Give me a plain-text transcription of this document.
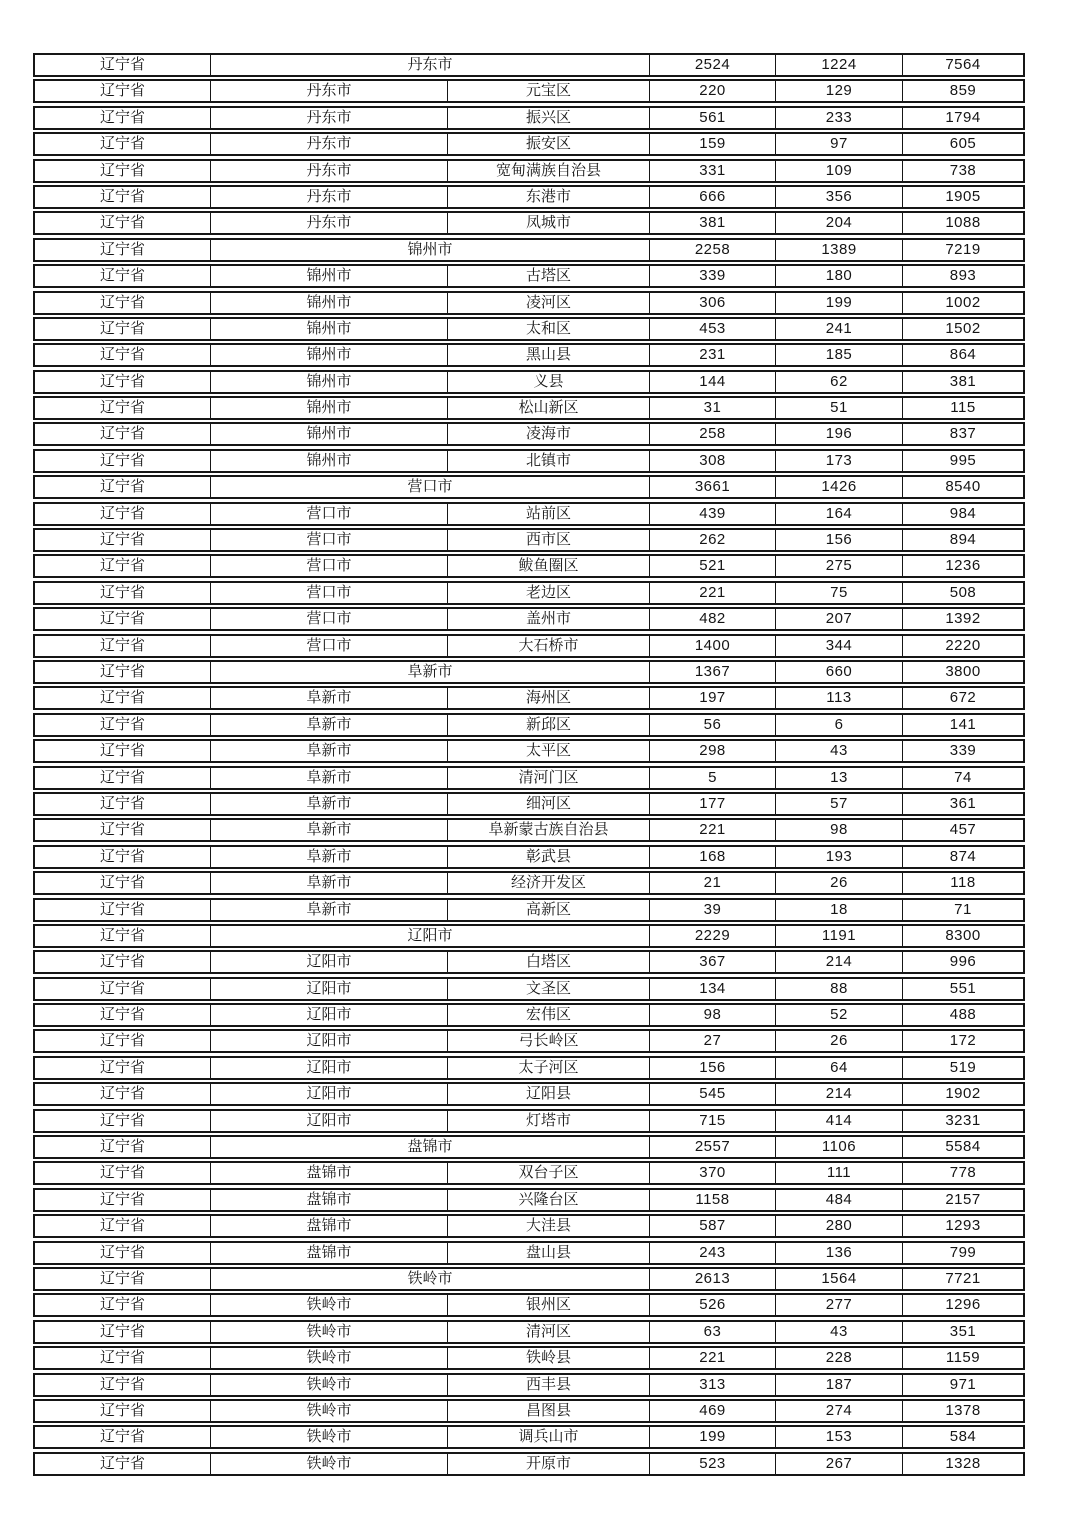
辽宁省	丹东市	2524	1224	7564
辽宁省	丹东市	元宝区	220	129	859
辽宁省	丹东市	振兴区	561	233	1794
辽宁省	丹东市	振安区	159	97	605
辽宁省	丹东市	宽甸满族自治县	331	109	738
辽宁省	丹东市	东港市	666	356	1905
辽宁省	丹东市	凤城市	381	204	1088
辽宁省	锦州市	2258	1389	7219
辽宁省	锦州市	古塔区	339	180	893
辽宁省	锦州市	凌河区	306	199	1002
辽宁省	锦州市	太和区	453	241	1502
辽宁省	锦州市	黑山县	231	185	864
辽宁省	锦州市	义县	144	62	381
辽宁省	锦州市	松山新区	31	51	115
辽宁省	锦州市	凌海市	258	196	837
辽宁省	锦州市	北镇市	308	173	995
辽宁省	营口市	3661	1426	8540
辽宁省	营口市	站前区	439	164	984
辽宁省	营口市	西市区	262	156	894
辽宁省	营口市	鲅鱼圈区	521	275	1236
辽宁省	营口市	老边区	221	75	508
辽宁省	营口市	盖州市	482	207	1392
辽宁省	营口市	大石桥市	1400	344	2220
辽宁省	阜新市	1367	660	3800
辽宁省	阜新市	海州区	197	113	672
辽宁省	阜新市	新邱区	56	6	141
辽宁省	阜新市	太平区	298	43	339
辽宁省	阜新市	清河门区	5	13	74
辽宁省	阜新市	细河区	177	57	361
辽宁省	阜新市	阜新蒙古族自治县	221	98	457
辽宁省	阜新市	彰武县	168	193	874
辽宁省	阜新市	经济开发区	21	26	118
辽宁省	阜新市	高新区	39	18	71
辽宁省	辽阳市	2229	1191	8300
辽宁省	辽阳市	白塔区	367	214	996
辽宁省	辽阳市	文圣区	134	88	551
辽宁省	辽阳市	宏伟区	98	52	488
辽宁省	辽阳市	弓长岭区	27	26	172
辽宁省	辽阳市	太子河区	156	64	519
辽宁省	辽阳市	辽阳县	545	214	1902
辽宁省	辽阳市	灯塔市	715	414	3231
辽宁省	盘锦市	2557	1106	5584
辽宁省	盘锦市	双台子区	370	111	778
辽宁省	盘锦市	兴隆台区	1158	484	2157
辽宁省	盘锦市	大洼县	587	280	1293
辽宁省	盘锦市	盘山县	243	136	799
辽宁省	铁岭市	2613	1564	7721
辽宁省	铁岭市	银州区	526	277	1296
辽宁省	铁岭市	清河区	63	43	351
辽宁省	铁岭市	铁岭县	221	228	1159
辽宁省	铁岭市	西丰县	313	187	971
辽宁省	铁岭市	昌图县	469	274	1378
辽宁省	铁岭市	调兵山市	199	153	584
辽宁省	铁岭市	开原市	523	267	1328
